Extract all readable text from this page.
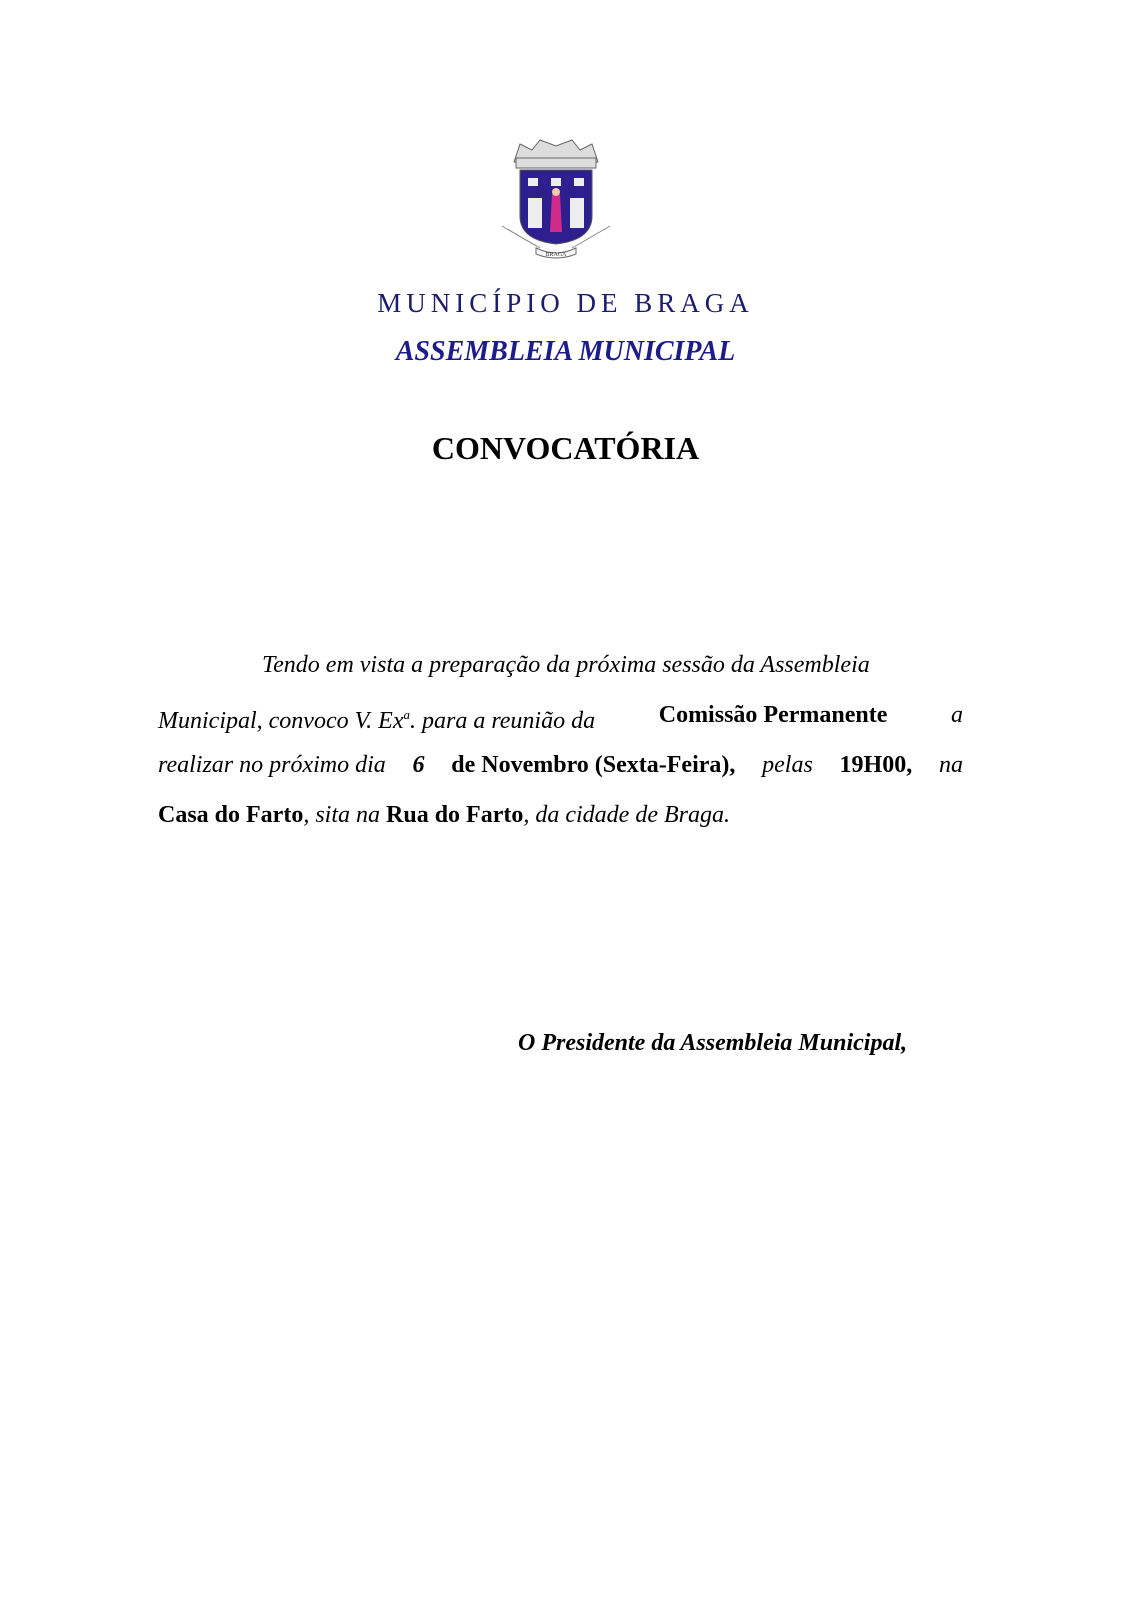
BRAGA
MUNICÍPIO DE BRAGA
ASSEMBLEIA MUNICIPAL
CONVOCATÓRIA
Tendo em vista a preparação da próxima sessão da Assembleia
Municipal, convoco V. Ex$^a$. para a reunião da	Comissão Permanente	a
realizar no próximo dia 6 de Novembro (Sexta-Feira), pelas 19H00, na
Casa do Farto , sita na Rua do Farto , da cidade de Braga.
O Presidente da Assembleia Municipal,
